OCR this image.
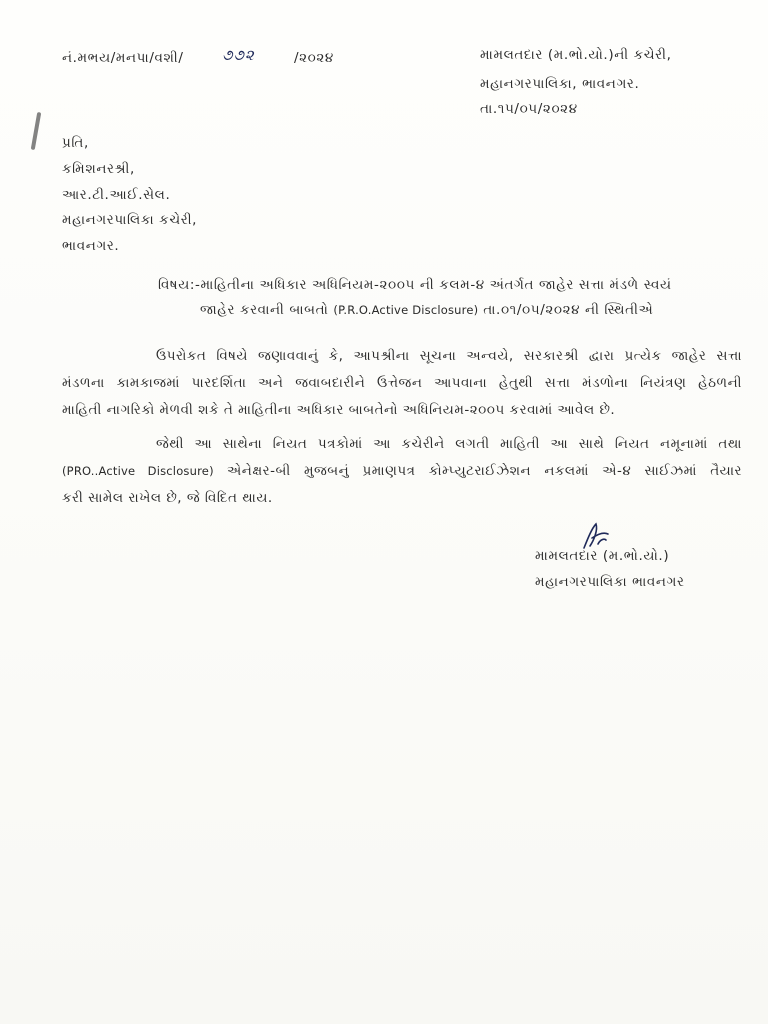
નં.મભય/મનપા/વશી/	૭૭૨	/૨૦૨૪	મામલતદાર (મ.ભો.યો.)ની કચેરી,
મહાનગરપાલિકા, ભાવનગર.
તા.૧૫/૦૫/૨૦૨૪
પ્રતિ,
કમિશનરશ્રી,
આર.ટી.આઈ.સેલ.
મહાનગરપાલિકા કચેરી,
ભાવનગર.
વિષય:-માહિતીના અધિકાર અધિનિયમ-૨૦૦૫ ની કલમ-૪ અંતર્ગત જાહેર સત્તા મંડળે સ્વયં
જાહેર કરવાની બાબતો (P.R.O.Active Disclosure) તા.૦૧/૦૫/૨૦૨૪ ની સ્થિતીએ
ઉપરોકત વિષયે જણાવવાનું કે, આપશ્રીના સૂચના અન્વયે, સરકારશ્રી દ્વારા પ્રત્યેક જાહેર સત્તા
મંડળના કામકાજમાં પારદર્શિતા અને જવાબદારીને ઉત્તેજન આપવાના હેતુથી સત્તા મંડળોના નિયંત્રણ હેઠળની
માહિતી નાગરિકો મેળવી શકે તે માહિતીના અધિકાર બાબતેનો અધિનિયમ-૨૦૦૫ કરવામાં આવેલ છે.
જેથી આ સાથેના નિયત પત્રકોમાં આ કચેરીને લગતી માહિતી આ સાથે નિયત નમૂનામાં તથા
(PRO..Active Disclosure) એનેક્ષર-બી મુજબનું પ્રમાણપત્ર કોમ્પ્યુટરાઈઝેશન નકલમાં એ-૪ સાઈઝમાં તૈયાર
કરી સામેલ રાખેલ છે, જે વિદિત થાય.
મામલતદાર (મ.ભો.યો.)
મહાનગરપાલિકા ભાવનગર
